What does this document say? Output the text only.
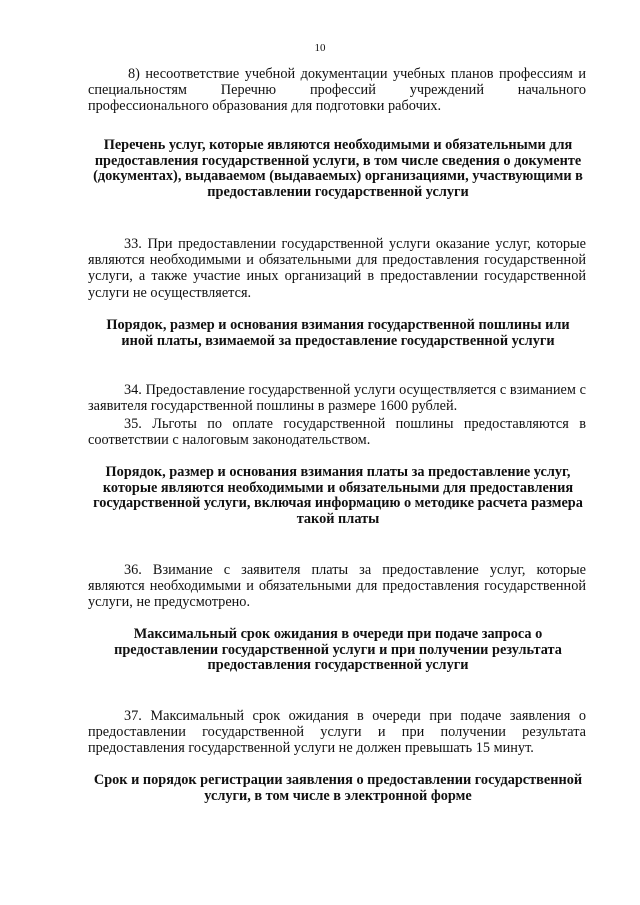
10

8) несоответствие учебной документации учебных планов профессиям и специальностям Перечню профессий учреждений начального профессионального образования для подготовки рабочих.

Перечень услуг, которые являются необходимыми и обязательными для предоставления государственной услуги, в том числе сведения о документе (документах), выдаваемом (выдаваемых) организациями, участвующими в предоставлении государственной услуги

33. При предоставлении государственной услуги оказание услуг, которые являются необходимыми и обязательными для предоставления государственной услуги, а также участие иных организаций в предоставлении государственной услуги не осуществляется.

Порядок, размер и основания взимания государственной пошлины или иной платы, взимаемой за предоставление государственной услуги

34. Предоставление государственной услуги осуществляется с взиманием с заявителя государственной пошлины в размере 1600 рублей.

35. Льготы по оплате государственной пошлины предоставляются в соответствии с налоговым законодательством.

Порядок, размер и основания взимания платы за предоставление услуг, которые являются необходимыми и обязательными для предоставления государственной услуги, включая информацию о методике расчета размера такой платы

36. Взимание с заявителя платы за предоставление услуг, которые являются необходимыми и обязательными для предоставления государственной услуги, не предусмотрено.

Максимальный срок ожидания в очереди при подаче запроса о предоставлении государственной услуги и при получении результата предоставления государственной услуги

37. Максимальный срок ожидания в очереди при подаче заявления о предоставлении государственной услуги и при получении результата предоставления государственной услуги не должен превышать 15 минут.

Срок и порядок регистрации заявления о предоставлении государственной услуги, в том числе в электронной форме
